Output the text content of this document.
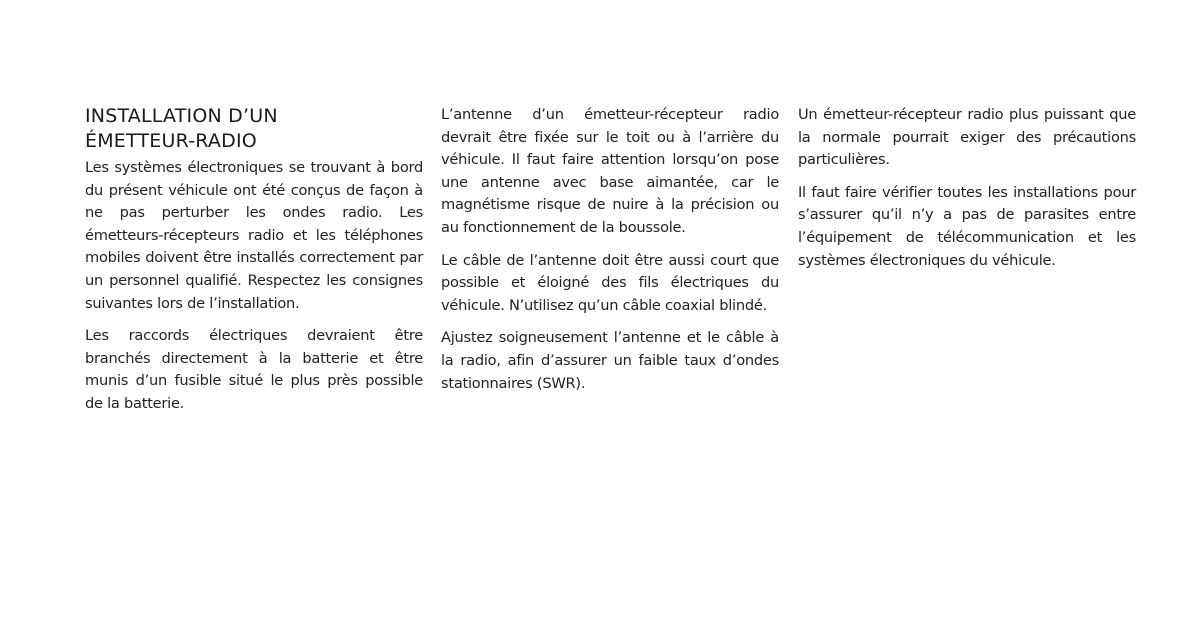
INSTALLATION D’UN
ÉMETTEUR-RADIO

Les systèmes électroniques se trouvant à bord du présent véhicule ont été conçus de façon à ne pas perturber les ondes radio. Les émetteurs-récepteurs radio et les téléphones mobiles doivent être installés correctement par un personnel qualifié. Respectez les consignes suivantes lors de l’installation.

Les raccords électriques devraient être branchés directement à la batterie et être munis d’un fusible situé le plus près possible de la batterie.

L’antenne d’un émetteur-récepteur radio devrait être fixée sur le toit ou à l’arrière du véhicule. Il faut faire attention lorsqu’on pose une antenne avec base aimantée, car le magnétisme risque de nuire à la précision ou au fonctionnement de la boussole.

Le câble de l’antenne doit être aussi court que possible et éloigné des fils électriques du véhicule. N’utilisez qu’un câble coaxial blindé.

Ajustez soigneusement l’antenne et le câble à la radio, afin d’assurer un faible taux d’ondes stationnaires (SWR).

Un émetteur-récepteur radio plus puissant que la normale pourrait exiger des précautions particulières.

Il faut faire vérifier toutes les installations pour s’assurer qu’il n’y a pas de parasites entre l’équipement de télécommunication et les systèmes électroniques du véhicule.
